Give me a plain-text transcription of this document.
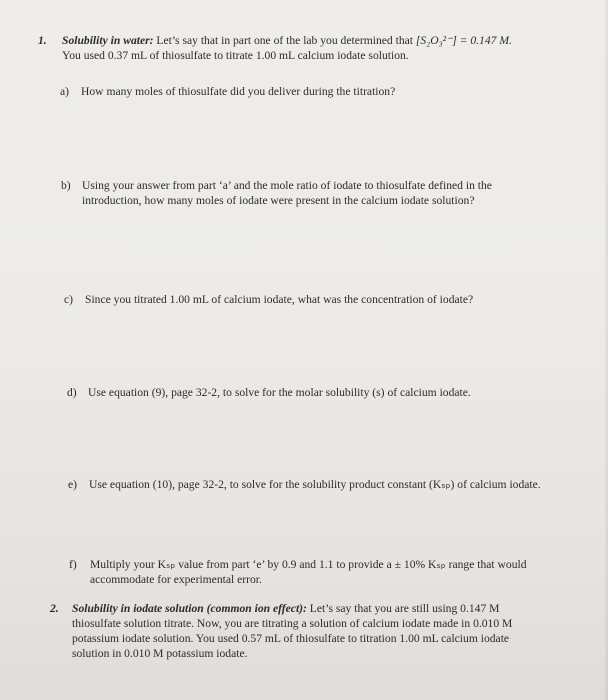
1. Solubility in water: Let’s say that in part one of the lab you determined that [S₂O₃²⁻] = 0.147 M.
You used 0.37 mL of thiosulfate to titrate 1.00 mL calcium iodate solution.
a) How many moles of thiosulfate did you deliver during the titration?
b) Using your answer from part ‘a’ and the mole ratio of iodate to thiosulfate defined in the
introduction, how many moles of iodate were present in the calcium iodate solution?
c) Since you titrated 1.00 mL of calcium iodate, what was the concentration of iodate?
d) Use equation (9), page 32-2, to solve for the molar solubility (s) of calcium iodate.
e) Use equation (10), page 32-2, to solve for the solubility product constant (Kₛₚ) of calcium iodate.
f) Multiply your Kₛₚ value from part ‘e’ by 0.9 and 1.1 to provide a ± 10% Kₛₚ range that would
accommodate for experimental error.
2. Solubility in iodate solution (common ion effect): Let’s say that you are still using 0.147 M
thiosulfate solution titrate. Now, you are titrating a solution of calcium iodate made in 0.010 M
potassium iodate solution. You used 0.57 mL of thiosulfate to titration 1.00 mL calcium iodate
solution in 0.010 M potassium iodate.
